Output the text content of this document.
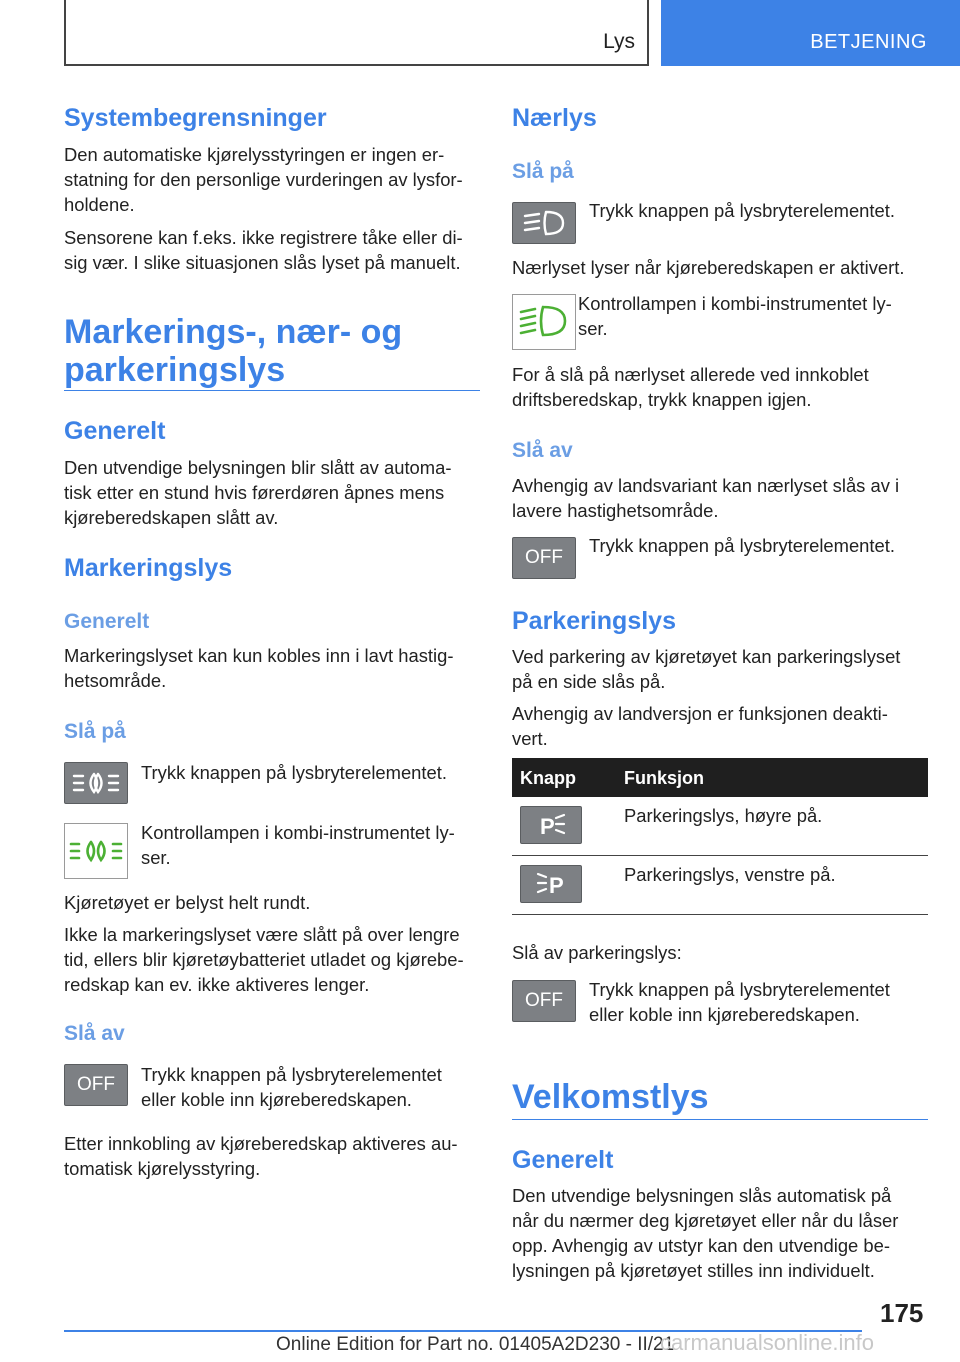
Lys	BETJENING
Systembegrensninger
Den automatiske kjørelysstyringen er ingen er-
statning for den personlige vurderingen av lysfor-
holdene.
Sensorene kan f.eks. ikke registrere tåke eller di-
sig vær. I slike situasjonen slås lyset på manuelt.
Markerings-, nær- og
parkeringslys
Generelt
Den utvendige belysningen blir slått av automa-
tisk etter en stund hvis førerdøren åpnes mens
kjøreberedskapen slått av.
Markeringslys
Generelt
Markeringslyset kan kun kobles inn i lavt hastig-
hetsområde.
Slå på
Trykk knappen på lysbryterelementet.
Kontrollampen i kombi-instrumentet ly-
ser.
Kjøretøyet er belyst helt rundt.
Ikke la markeringslyset være slått på over lengre
tid, ellers blir kjøretøybatteriet utladet og kjørebe-
redskap kan ev. ikke aktiveres lenger.
Slå av
OFF	Trykk knappen på lysbryterelementet
eller koble inn kjøreberedskapen.
Etter innkobling av kjøreberedskap aktiveres au-
tomatisk kjørelysstyring.
Nærlys
Slå på
Trykk knappen på lysbryterelementet.
Nærlyset lyser når kjøreberedskapen er aktivert.
Kontrollampen i kombi-instrumentet ly-
ser.
For å slå på nærlyset allerede ved innkoblet
driftsberedskap, trykk knappen igjen.
Slå av
Avhengig av landsvariant kan nærlyset slås av i
lavere hastighetsområde.
OFF
Trykk knappen på lysbryterelementet.
Parkeringslys
Ved parkering av kjøretøyet kan parkeringslyset
på en side slås på.
Avhengig av landversjon er funksjonen deakti-
vert.
Knapp	Funksjon
P	Parkeringslys, høyre på.
P	Parkeringslys, venstre på.
Slå av parkeringslys:
OFF
Trykk knappen på lysbryterelementet
eller koble inn kjøreberedskapen.
Velkomstlys
Generelt
Den utvendige belysningen slås automatisk på
når du nærmer deg kjøretøyet eller når du låser
opp. Avhengig av utstyr kan den utvendige be-
lysningen på kjøretøyet stilles inn individuelt.
175
Online Edition for Part no. 01405A2D230 - II/21
carmanualsonline.info
